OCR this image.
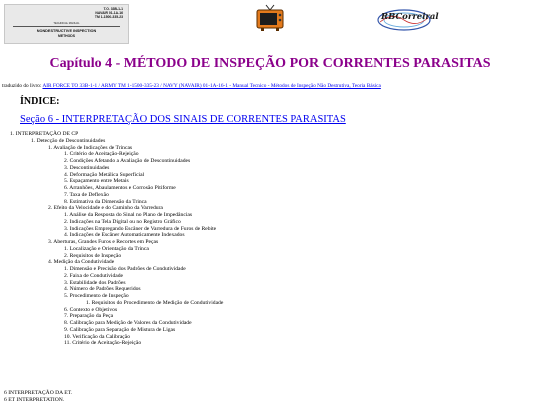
T.O. 33B-1-1
NAVAIR 01-1A-16
TM 1-1500-335-23
TECHNICAL MANUAL
NONDESTRUCTIVE INSPECTION
METHODS
RBCorreiral
Capítulo 4 - MÉTODO DE INSPEÇÃO POR CORRENTES PARASITAS
traduzido do livro: AIR FORCE TO 33B-1-1 / ARMY TM 1-1500-335-23 / NAVY (NAVAIR) 01-1A-16-1 - Manual Tecnico - Métodos de Inspeção Não Destrutiva, Teoria Básica
ÍNDICE:
Seção 6 - INTERPRETAÇÃO DOS SINAIS DE CORRENTES PARASITAS
1. INTERPRETAÇÃO DE CP
1. Detecção de Descontinuidades
1. Avaliação de Indicações de Trincas
1. Critério de Aceitação-Rejeição
2. Condições Afetando a Avaliação de Descontinuidades
3. Descontinuidades
4. Deformação Metálica Superficial
5. Espaçamento entre Metais
6. Arranhões, Abaulamentos e Corrosão Pitiforme
7. Taxa de Deflexão
8. Estimativa da Dimensão da Trinca
2. Efeito da Velocidade e do Caminho da Varredura
1. Análise da Resposta do Sinal no Plano de Impedâncias
2. Indicações na Tela Digital ou no Registro Gráfico
3. Indicações Empregando Escâner de Varredura de Furos de Rebite
4. Indicações de Escâner Automaticamente Indexados
3. Aberturas, Grandes Furos e Recortes em Peças
1. Localização e Orientação da Trinca
2. Requisitos de Inspeção
4. Medição da Condutividade
1. Dimensão e Precisão dos Padrões de Condutividade
2. Faixa de Condutividade
3. Estabilidade dos Padrões
4. Número de Padrões Requeridos
5. Procedimento de Inspeção
1. Requisitos do Procedimento de Medição de Condutividade
6. Contexto e Objetivos
7. Preparação da Peça
8. Calibração para Medição de Valores da Condutividade
9. Calibração para Separação de Mistura de Ligas
10. Verificação da Calibração
11. Critério de Aceitação-Rejeição
6 INTERPRETAÇÃO DA ET.
6 ET INTERPRETATION.
